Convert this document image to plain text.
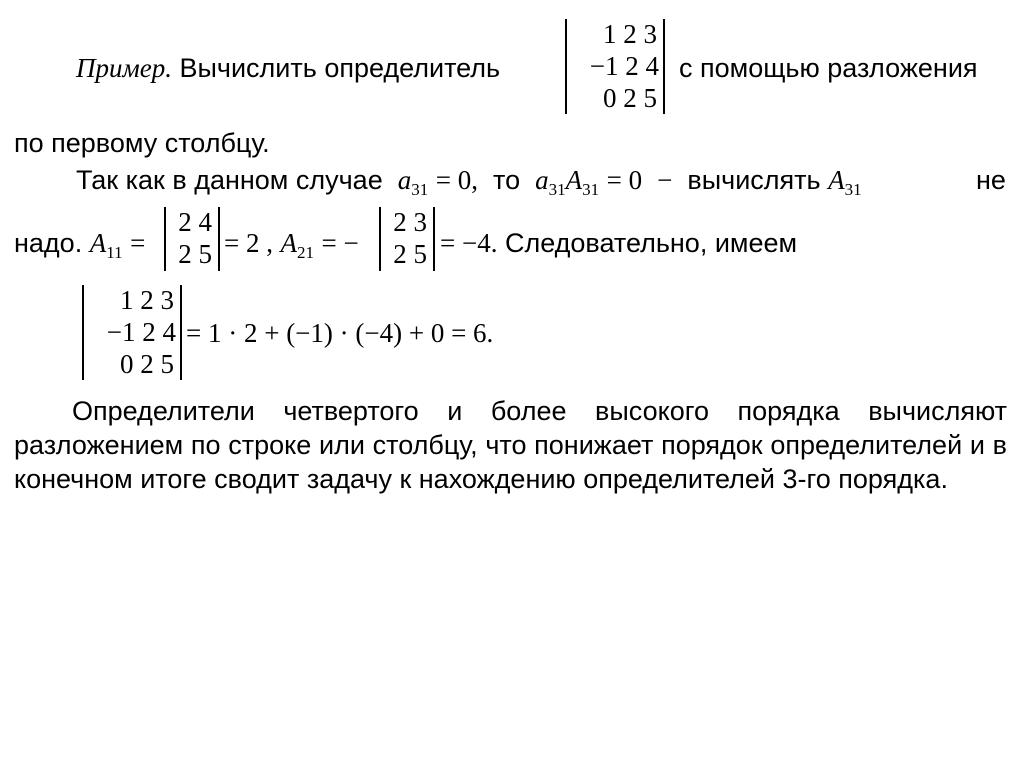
Пример. Вычислить определитель
1 2 3
−1 2 4
0 2 5
с помощью разложения
по первому столбцу.
Так как в данном случае $a_{31} = 0$, то $a_{31}A_{31} = 0$ − вычислять $A_{31}$	не
надо. $A_{11}$ =
2 4
2 5 = 2 , $A_{21}$ = −
2 3
2 5 = −4. Следовательно, имеем
1 2 3
−1 2 4
0 2 5
= 1 · 2 + (−1) · (−4) + 0 = 6.
Определители четвертого и более высокого порядка вычисляют разложением по строке или столбцу, что понижает порядок определителей и в конечном итоге сводит задачу к нахождению определителей 3-го порядка.
